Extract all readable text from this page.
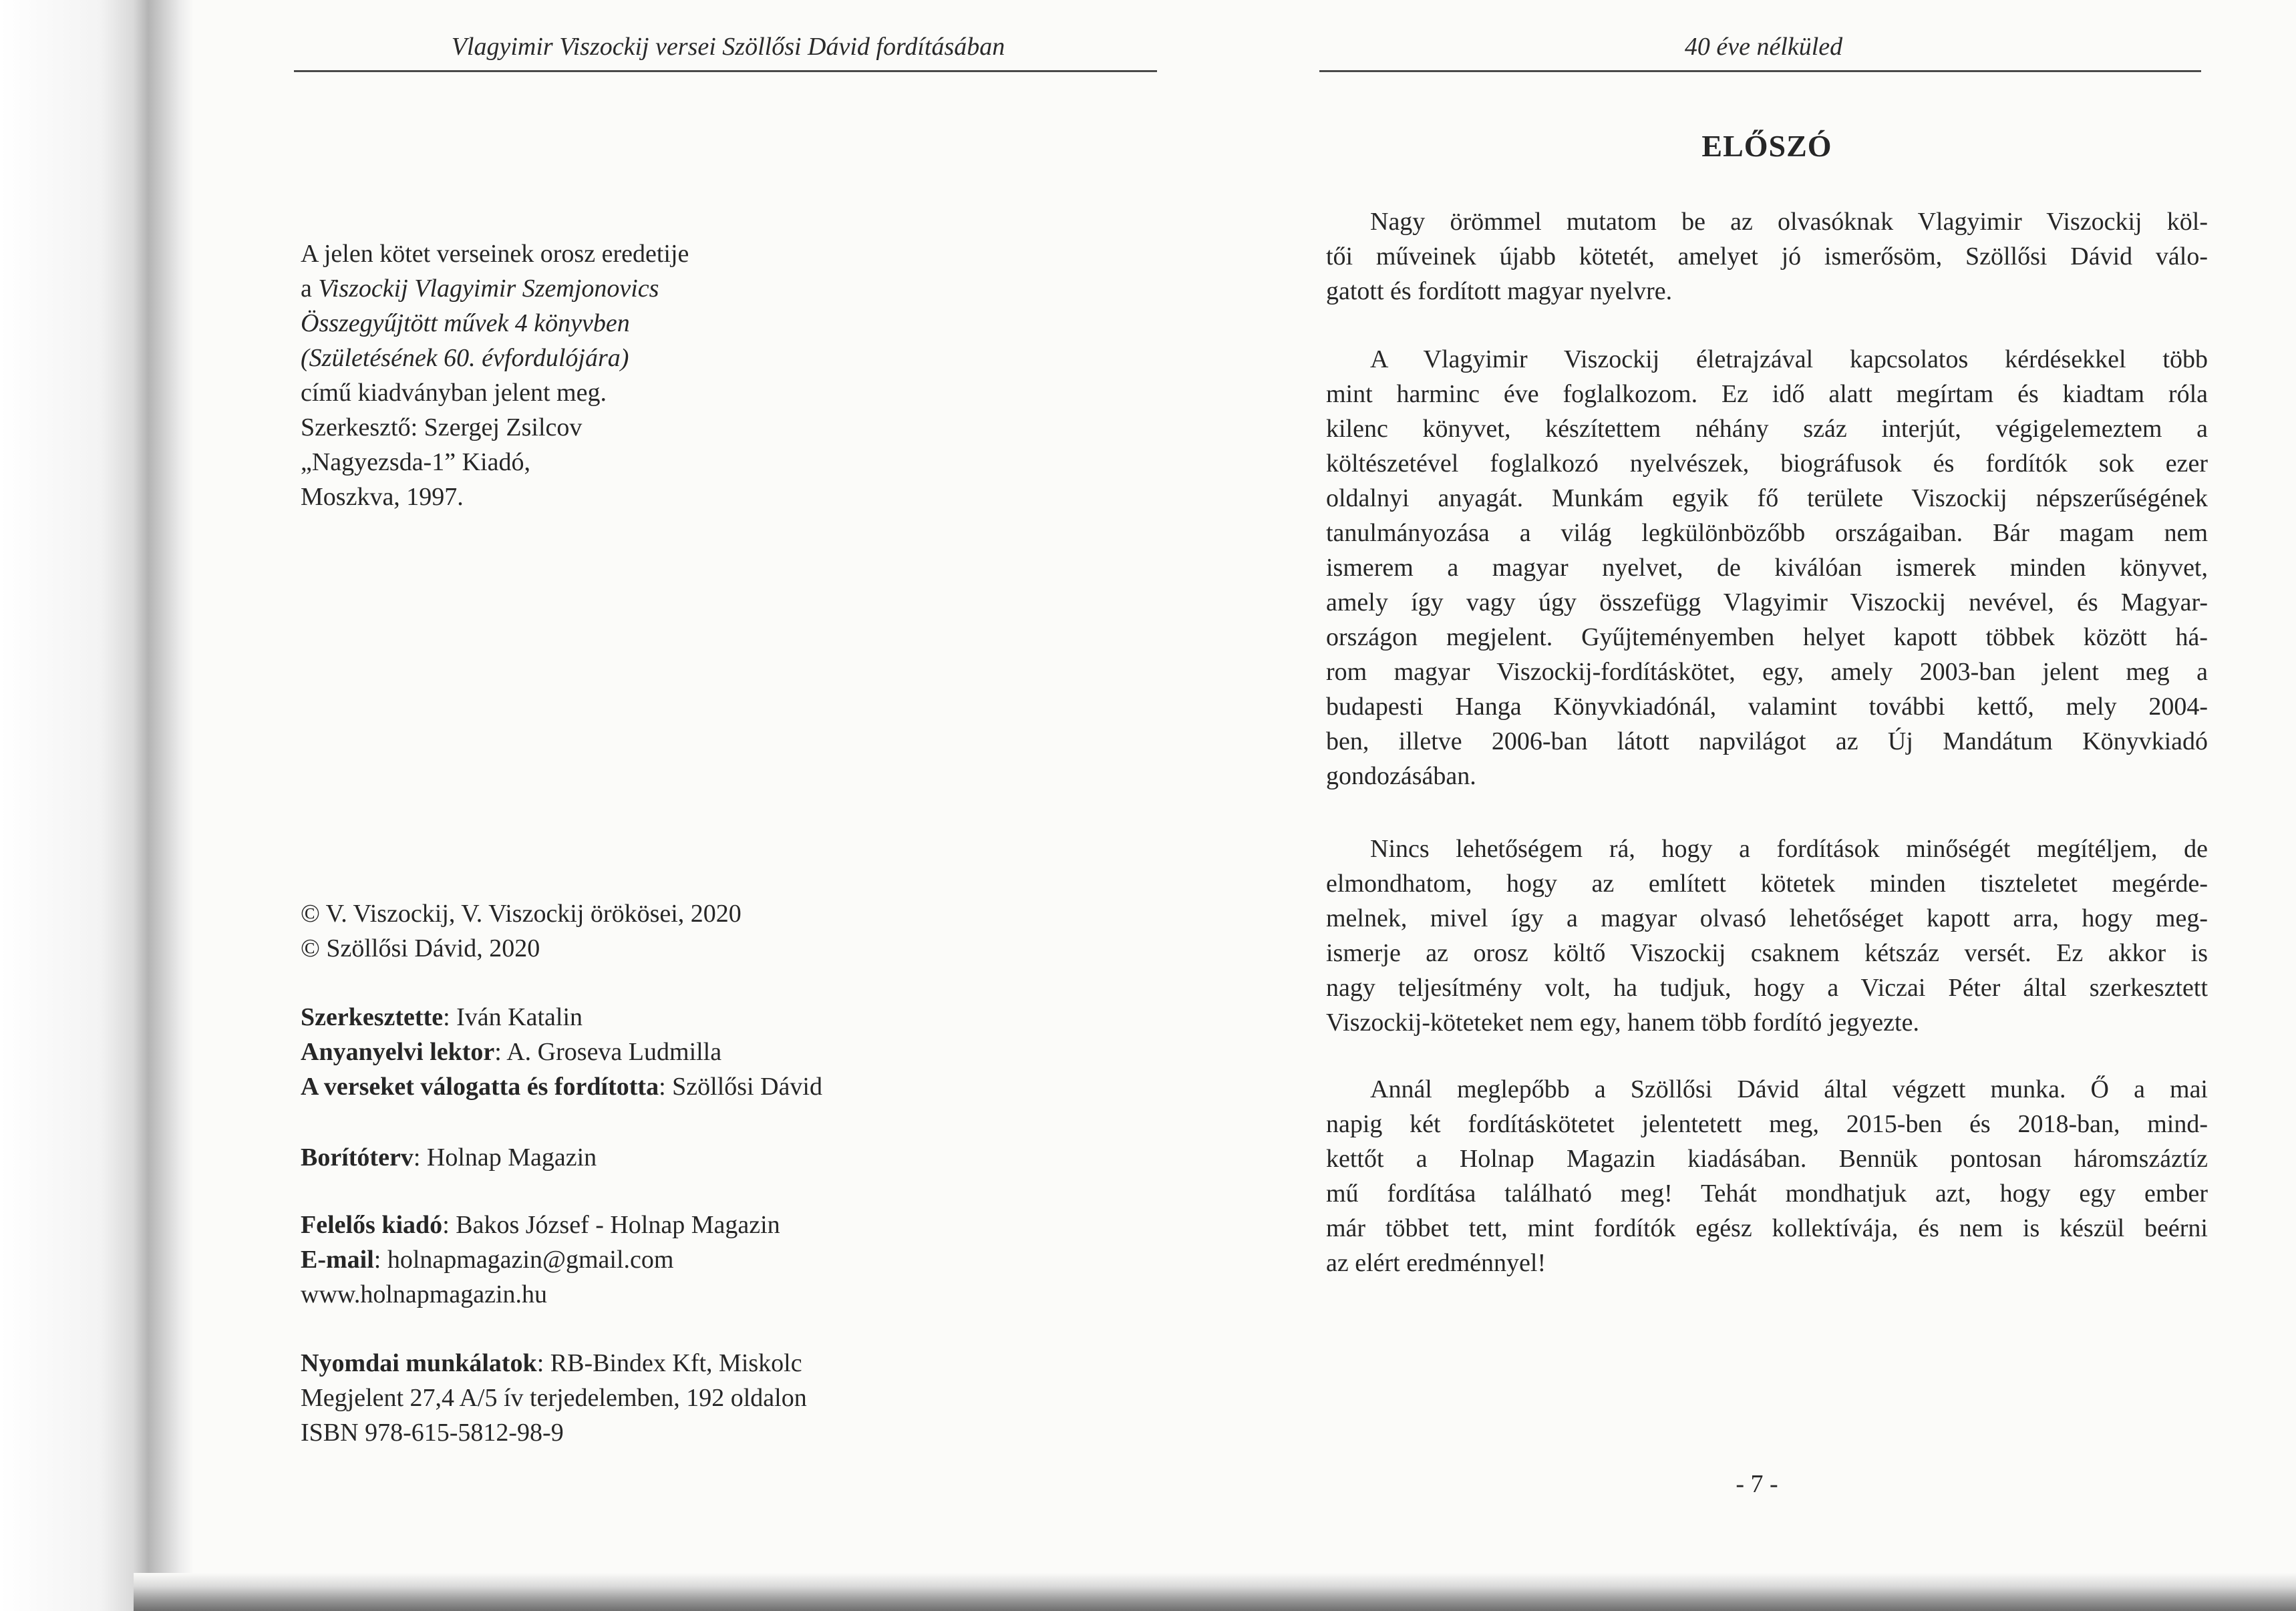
Vlagyimir Viszockij versei Szöllősi Dávid fordításában
A jelen kötet verseinek orosz eredetije
a Viszockij Vlagyimir Szemjonovics
Összegyűjtött művek 4 könyvben
(Születésének 60. évfordulójára)
című kiadványban jelent meg.
Szerkesztő: Szergej Zsilcov
„Nagyezsda-1” Kiadó,
Moszkva, 1997.
© V. Viszockij, V. Viszockij örökösei, 2020
© Szöllősi Dávid, 2020
Szerkesztette: Iván Katalin
Anyanyelvi lektor: A. Groseva Ludmilla
A verseket válogatta és fordította: Szöllősi Dávid
Borítóterv: Holnap Magazin
Felelős kiadó: Bakos József - Holnap Magazin
E-mail: holnapmagazin@gmail.com
www.holnapmagazin.hu
Nyomdai munkálatok: RB-Bindex Kft, Miskolc
Megjelent 27,4 A/5 ív terjedelemben, 192 oldalon
ISBN 978-615-5812-98-9
40 éve nélküled
ELŐSZÓ
Nagy örömmel mutatom be az olvasóknak Vlagyimir Viszockij köl-
tői műveinek újabb kötetét, amelyet jó ismerősöm, Szöllősi Dávid válo-
gatott és fordított magyar nyelvre.
A Vlagyimir Viszockij életrajzával kapcsolatos kérdésekkel több
mint harminc éve foglalkozom. Ez idő alatt megírtam és kiadtam róla
kilenc könyvet, készítettem néhány száz interjút, végigelemeztem a
költészetével foglalkozó nyelvészek, biográfusok és fordítók sok ezer
oldalnyi anyagát. Munkám egyik fő területe Viszockij népszerűségének
tanulmányozása a világ legkülönbözőbb országaiban. Bár magam nem
ismerem a magyar nyelvet, de kiválóan ismerek minden könyvet,
amely így vagy úgy összefügg Vlagyimir Viszockij nevével, és Magyar-
országon megjelent. Gyűjteményemben helyet kapott többek között há-
rom magyar Viszockij-fordításkötet, egy, amely 2003-ban jelent meg a
budapesti Hanga Könyvkiadónál, valamint további kettő, mely 2004-
ben, illetve 2006-ban látott napvilágot az Új Mandátum Könyvkiadó
gondozásában.
Nincs lehetőségem rá, hogy a fordítások minőségét megítéljem, de
elmondhatom, hogy az említett kötetek minden tiszteletet megérde-
melnek, mivel így a magyar olvasó lehetőséget kapott arra, hogy meg-
ismerje az orosz költő Viszockij csaknem kétszáz versét. Ez akkor is
nagy teljesítmény volt, ha tudjuk, hogy a Viczai Péter által szerkesztett
Viszockij-köteteket nem egy, hanem több fordító jegyezte.
Annál meglepőbb a Szöllősi Dávid által végzett munka. Ő a mai
napig két fordításkötetet jelentetett meg, 2015-ben és 2018-ban, mind-
kettőt a Holnap Magazin kiadásában. Bennük pontosan háromszáztíz
mű fordítása található meg! Tehát mondhatjuk azt, hogy egy ember
már többet tett, mint fordítók egész kollektívája, és nem is készül beérni
az elért eredménnyel!
- 7 -
